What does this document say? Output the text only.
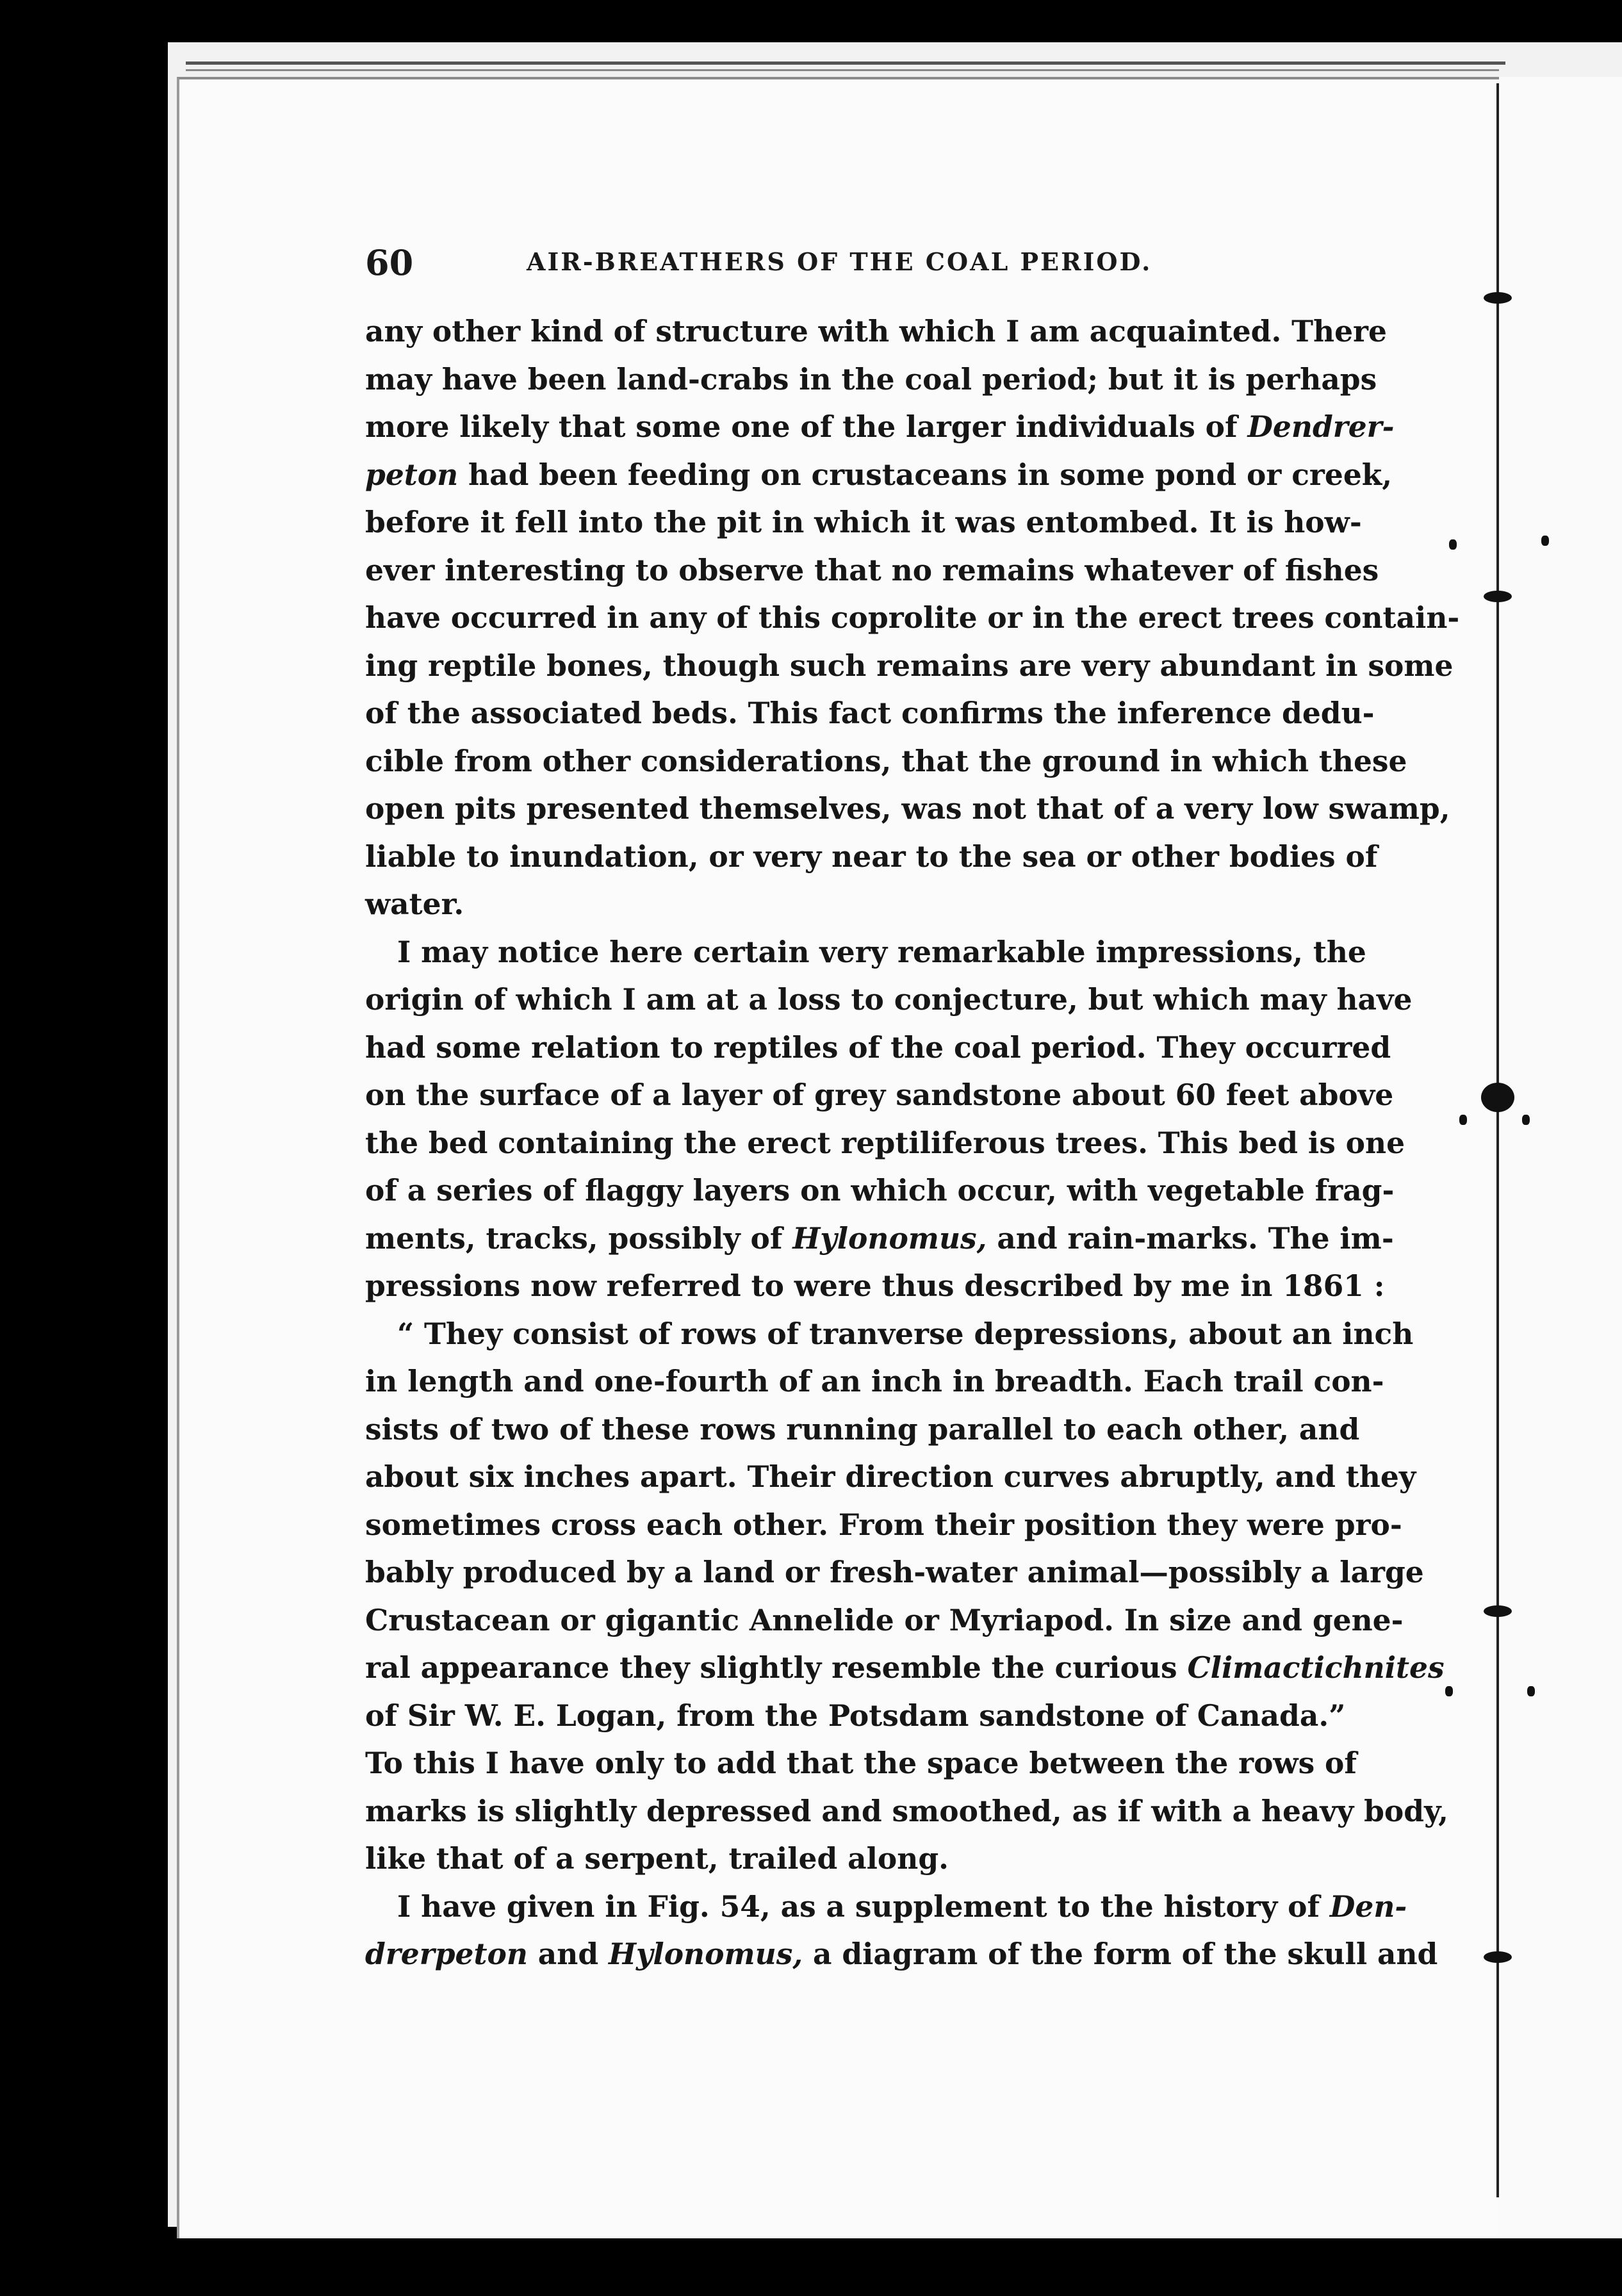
60	AIR-BREATHERS OF THE COAL PERIOD.
any other kind of structure with which I am acquainted. There
may have been land-crabs in the coal period; but it is perhaps
more likely that some one of the larger individuals of Dendrer-
peton had been feeding on crustaceans in some pond or creek,
before it fell into the pit in which it was entombed. It is how-
ever interesting to observe that no remains whatever of fishes
have occurred in any of this coprolite or in the erect trees contain-
ing reptile bones, though such remains are very abundant in some
of the associated beds. This fact confirms the inference dedu-
cible from other considerations, that the ground in which these
open pits presented themselves, was not that of a very low swamp,
liable to inundation, or very near to the sea or other bodies of
water.
I may notice here certain very remarkable impressions, the
origin of which I am at a loss to conjecture, but which may have
had some relation to reptiles of the coal period. They occurred
on the surface of a layer of grey sandstone about 60 feet above
the bed containing the erect reptiliferous trees. This bed is one
of a series of flaggy layers on which occur, with vegetable frag-
ments, tracks, possibly of Hylonomus, and rain-marks. The im-
pressions now referred to were thus described by me in 1861 :
“ They consist of rows of tranverse depressions, about an inch
in length and one-fourth of an inch in breadth. Each trail con-
sists of two of these rows running parallel to each other, and
about six inches apart. Their direction curves abruptly, and they
sometimes cross each other. From their position they were pro-
bably produced by a land or fresh-water animal—possibly a large
Crustacean or gigantic Annelide or Myriapod. In size and gene-
ral appearance they slightly resemble the curious Climactichnites
of Sir W. E. Logan, from the Potsdam sandstone of Canada.”
To this I have only to add that the space between the rows of
marks is slightly depressed and smoothed, as if with a heavy body,
like that of a serpent, trailed along.
I have given in Fig. 54, as a supplement to the history of Den-
drerpeton and Hylonomus, a diagram of the form of the skull and
